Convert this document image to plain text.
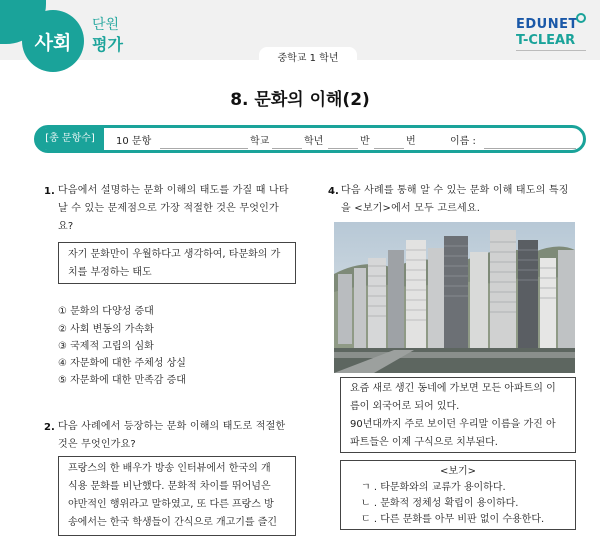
사회
단원
평가
EDUNET
T-CLEAR
중학교 1 학년
8. 문화의 이해(2)
[총 문항수]	10 문항	학교	학년	반	번	이름 :
1. 다음에서 설명하는 문화 이해의 태도를 가질 때 나타
날 수 있는 문제점으로 가장 적절한 것은 무엇인가
요?
자기 문화만이 우월하다고 생각하여, 타문화의 가
치를 부정하는 태도
① 문화의 다양성 증대
② 사회 변동의 가속화
③ 국제적 고립의 심화
④ 자문화에 대한 주체성 상실
⑤ 자문화에 대한 만족감 증대
2. 다음 사례에서 등장하는 문화 이해의 태도로 적절한
것은 무엇인가요?
프랑스의 한 배우가 방송 인터뷰에서 한국의 개
식용 문화를 비난했다. 문화적 차이를 뛰어넘은
야만적인 행위라고 말하였고, 또 다른 프랑스 방
송에서는 한국 학생들이 간식으로 개고기를 즐긴
4. 다음 사례를 통해 알 수 있는 문화 이해 태도의 특징
을 <보기>에서 모두 고르세요.
요즘 새로 생긴 동네에 가보면 모든 아파트의 이
름이 외국어로 되어 있다.
90년대까지 주로 보이던 우리말 이름을 가진 아
파트들은 이제 구식으로 치부된다.
<보기>
ㄱ . 타문화와의 교류가 용이하다.
ㄴ . 문화적 정체성 확립이 용이하다.
ㄷ . 다른 문화를 아무 비판 없이 수용한다.
